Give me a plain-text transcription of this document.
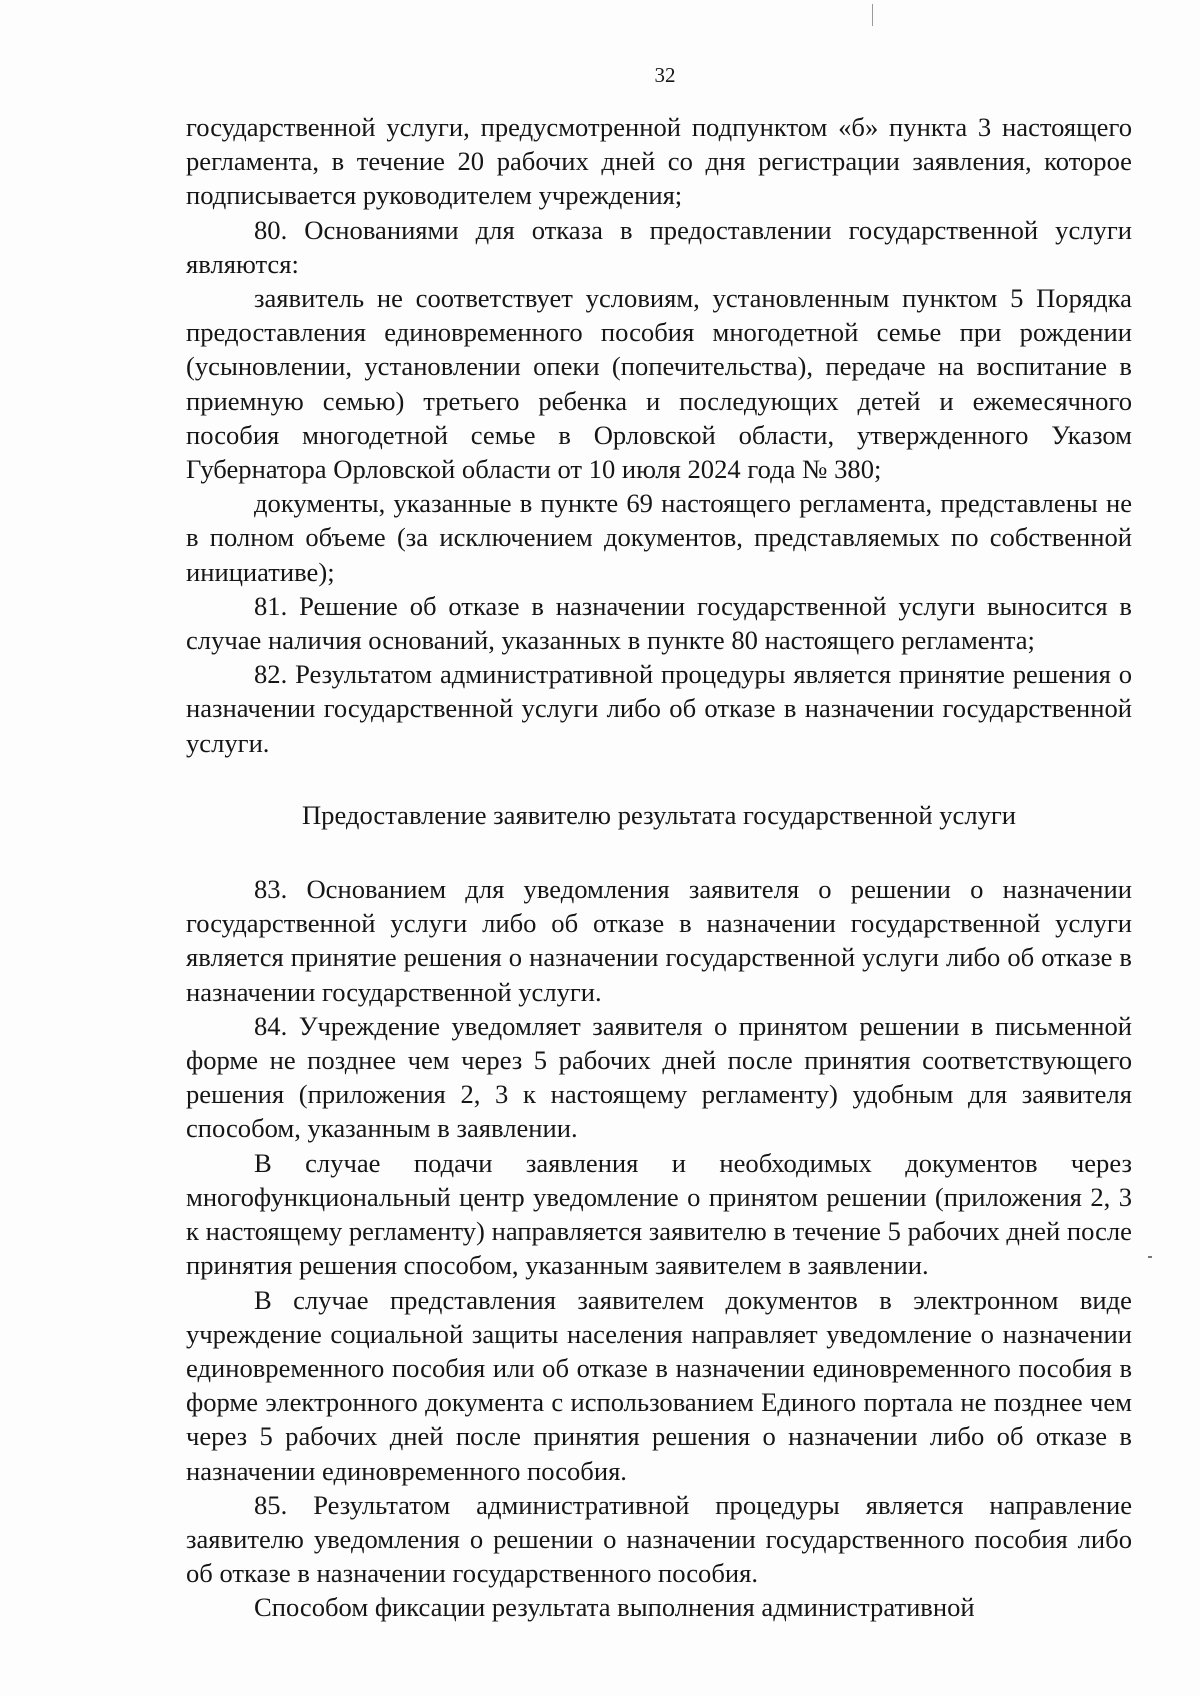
32

государственной услуги, предусмотренной подпунктом «б» пункта 3 настоящего регламента, в течение 20 рабочих дней со дня регистрации заявления, которое подписывается руководителем учреждения;

80. Основаниями для отказа в предоставлении государственной услуги являются:

заявитель не соответствует условиям, установленным пунктом 5 Порядка предоставления единовременного пособия многодетной семье при рождении (усыновлении, установлении опеки (попечительства), передаче на воспитание в приемную семью) третьего ребенка и последующих детей и ежемесячного пособия многодетной семье в Орловской области, утвержденного Указом Губернатора Орловской области от 10 июля 2024 года № 380;

документы, указанные в пункте 69 настоящего регламента, представлены не в полном объеме (за исключением документов, представляемых по собственной инициативе);

81. Решение об отказе в назначении государственной услуги выносится в случае наличия оснований, указанных в пункте 80 настоящего регламента;

82. Результатом административной процедуры является принятие решения о назначении государственной услуги либо об отказе в назначении государственной услуги.

Предоставление заявителю результата государственной услуги

83. Основанием для уведомления заявителя о решении о назначении государственной услуги либо об отказе в назначении государственной услуги является принятие решения о назначении государственной услуги либо об отказе в назначении государственной услуги.

84. Учреждение уведомляет заявителя о принятом решении в письменной форме не позднее чем через 5 рабочих дней после принятия соответствующего решения (приложения 2, 3 к настоящему регламенту) удобным для заявителя способом, указанным в заявлении.

В случае подачи заявления и необходимых документов через многофункциональный центр уведомление о принятом решении (приложения 2, 3 к настоящему регламенту) направляется заявителю в течение 5 рабочих дней после принятия решения способом, указанным заявителем в заявлении.

В случае представления заявителем документов в электронном виде учреждение социальной защиты населения направляет уведомление о назначении единовременного пособия или об отказе в назначении единовременного пособия в форме электронного документа с использованием Единого портала не позднее чем через 5 рабочих дней после принятия решения о назначении либо об отказе в назначении единовременного пособия.

85. Результатом административной процедуры является направление заявителю уведомления о решении о назначении государственного пособия либо об отказе в назначении государственного пособия.

Способом фиксации результата выполнения административной
